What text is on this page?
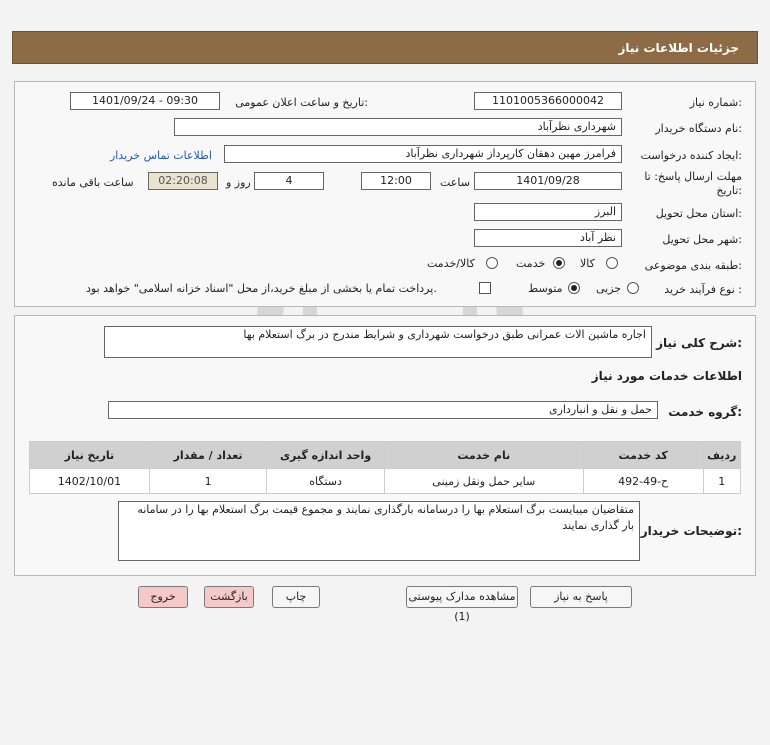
جزئیات اطلاعات نیاز
شماره نیاز:
1101005366000042
تاریخ و ساعت اعلان عمومی:
1401/09/24 - 09:30
نام دستگاه خریدار:
شهرداری نظرآباد
ایجاد کننده درخواست:
فرامرز مهین دهقان کارپرداز شهرداری نظرآباد
اطلاعات تماس خریدار
مهلت ارسال پاسخ: تا
تاریخ:
1401/09/28
ساعت
12:00
4
روز و
02:20:08
ساعت باقی مانده
استان محل تحویل:
البرز
شهر محل تحویل:
نظر آباد
طبقه بندی موضوعی:
کالا
خدمت
کالا/خدمت
نوع فرآیند خرید :
جزیی
متوسط
پرداخت تمام یا بخشی از مبلغ خرید،از محل "اسناد خزانه اسلامی" خواهد بود.
شرح کلی نیاز:
اجاره ماشین الات عمرانی طبق درخواست شهرداری و شرایط مندرج در برگ استعلام بها
اطلاعات خدمات مورد نیاز
گروه خدمت:
حمل و نقل و انبارداری
ردیف	کد خدمت	نام خدمت	واحد اندازه گیری	تعداد / مقدار	تاریخ نیاز
1	ح-49-492	سایر حمل ونقل زمینی	دستگاه	1	1402/10/01
توضیحات خریدار:
متقاضیان میبایست برگ استعلام بها را درسامانه بارگذاری نمایند و مجموع قیمت برگ استعلام بها را در سامانه بار گذاری نمایند
پاسخ به نیاز
مشاهده مدارک پیوستی (1)
چاپ
بازگشت
خروج
